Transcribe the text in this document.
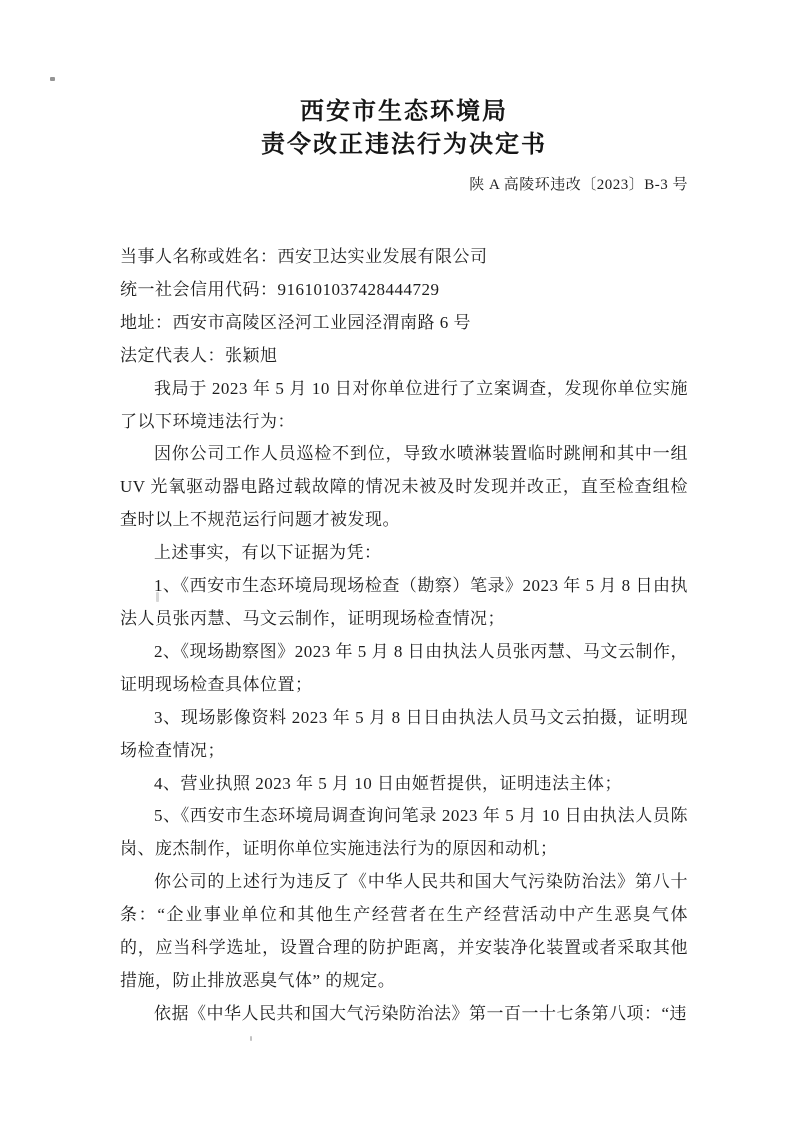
西安市生态环境局
责令改正违法行为决定书
陕 A 高陵环违改〔2023〕B-3 号

当事人名称或姓名：西安卫达实业发展有限公司

统一社会信用代码：916101037428444729

地址：西安市高陵区泾河工业园泾渭南路 6 号

法定代表人：张颖旭

我局于 2023 年 5 月 10 日对你单位进行了立案调查，发现你单位实施了以下环境违法行为：

因你公司工作人员巡检不到位，导致水喷淋装置临时跳闸和其中一组 UV 光氧驱动器电路过载故障的情况未被及时发现并改正，直至检查组检查时以上不规范运行问题才被发现。

上述事实，有以下证据为凭：

1、《西安市生态环境局现场检查（勘察）笔录》2023 年 5 月 8 日由执法人员张丙慧、马文云制作，证明现场检查情况；

2、《现场勘察图》2023 年 5 月 8 日由执法人员张丙慧、马文云制作，证明现场检查具体位置；

3、现场影像资料 2023 年 5 月 8 日日由执法人员马文云拍摄，证明现场检查情况；

4、营业执照 2023 年 5 月 10 日由姬哲提供，证明违法主体；

5、《西安市生态环境局调查询问笔录 2023 年 5 月 10 日由执法人员陈岗、庞杰制作，证明你单位实施违法行为的原因和动机；

你公司的上述行为违反了《中华人民共和国大气污染防治法》第八十条：“企业事业单位和其他生产经营者在生产经营活动中产生恶臭气体的，应当科学选址，设置合理的防护距离，并安装净化装置或者采取其他措施，防止排放恶臭气体” 的规定。

依据《中华人民共和国大气污染防治法》第一百一十七条第八项：“违
